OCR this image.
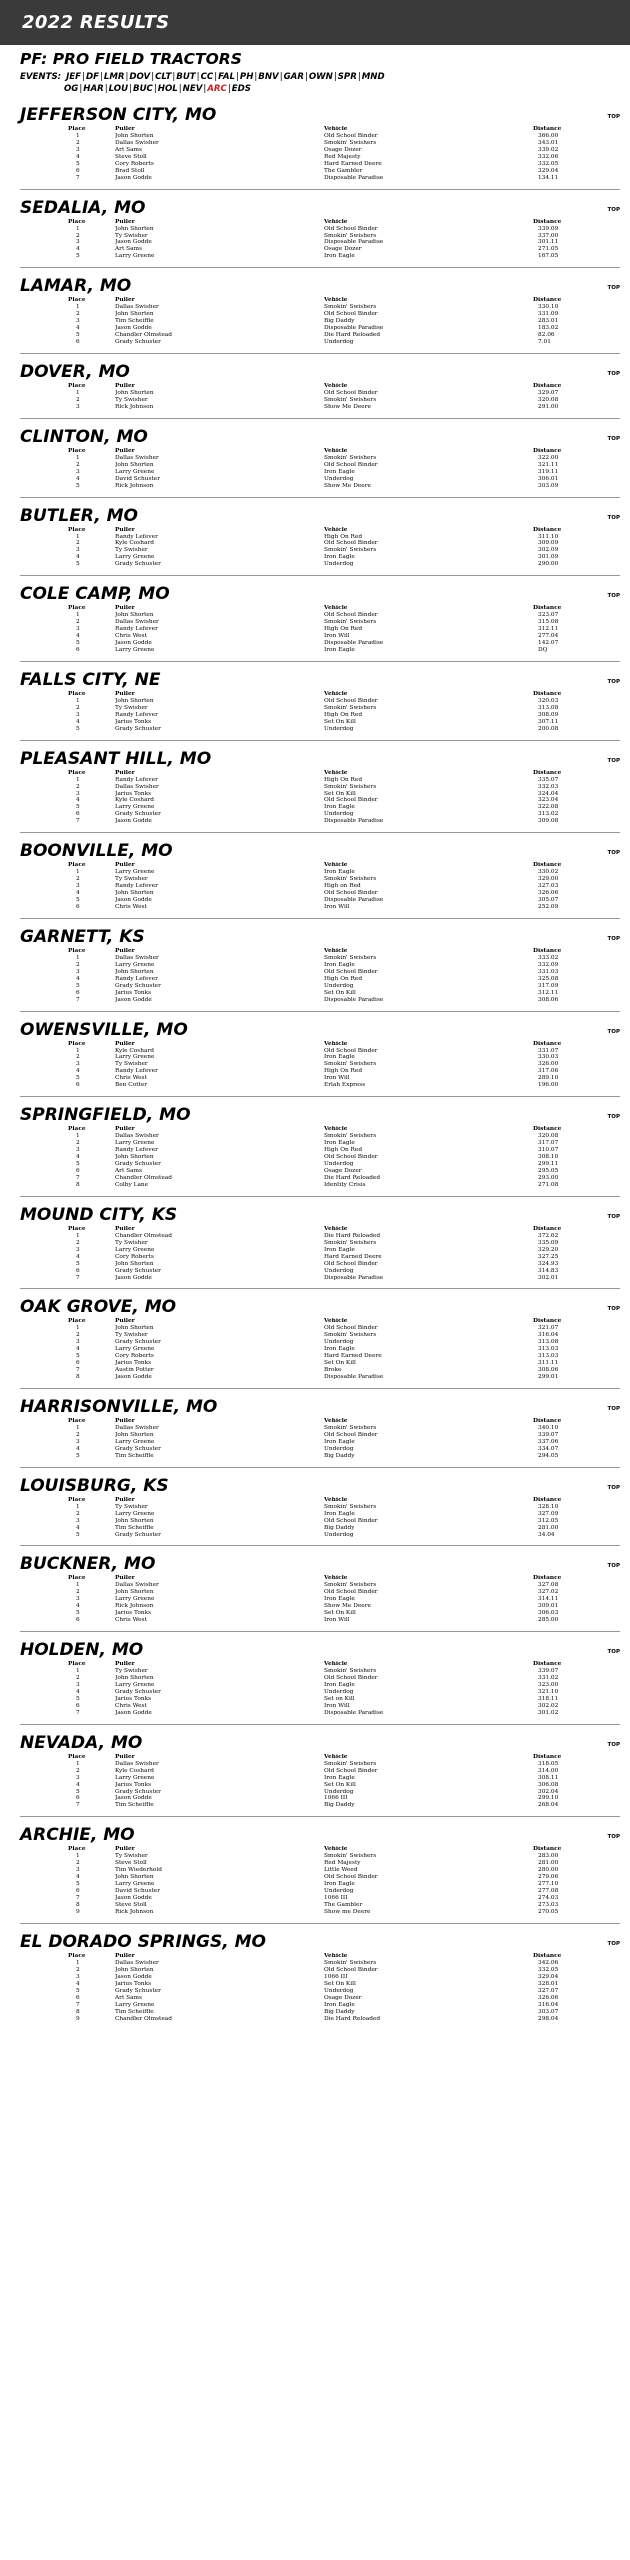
2022 RESULTS
PF: PRO FIELD TRACTORS
EVENTS: JEF | DF | LMR | DOV | CLT | BUT | CC | FAL | PH | BNV | GAR | OWN | SPR | MND
OG | HAR | LOU | BUC | HOL | NEV | ARC | EDS
JEFFERSON CITY, MO	TOP
Place	Puller	Vehicle	Distance
1	John Shorten	Old School Binder	366.00
2	Dallas Swisher	Smokin' Swishers	343.01
3	Art Sams	Osage Dozer	339.02
4	Steve Stoll	Red Majesty	332.06
5	Cory Roberts	Hard Earned Deere	332.05
6	Brad Stoll	The Gambler	329.04
7	Jason Godde	Disposable Paradise	134.11
SEDALIA, MO	TOP
Place	Puller	Vehicle	Distance
1	John Shorten	Old School Binder	339.09
2	Ty Swisher	Smokin' Swishers	337.00
3	Jason Godde	Disposable Paradise	301.11
4	Art Sams	Osage Dozer	271.05
5	Larry Greene	Iron Eagle	167.05
LAMAR, MO	TOP
Place	Puller	Vehicle	Distance
1	Dallas Swisher	Smokin' Swishers	330.10
2	John Shorten	Old School Binder	331.09
3	Tim Scheiffle	Big Daddy	283.01
4	Jason Godde	Disposable Paradise	183.02
5	Chandler Olmstead	Die Hard Reloaded	82.06
6	Grady Schuster	Underdog	7.01
DOVER, MO	TOP
Place	Puller	Vehicle	Distance
1	John Shorten	Old School Binder	329.07
2	Ty Swisher	Smokin' Swishers	320.08
3	Rick Johnson	Show Me Deere	291.00
CLINTON, MO	TOP
Place	Puller	Vehicle	Distance
1	Dallas Swisher	Smokin' Swishers	322.00
2	John Shorten	Old School Binder	321.11
3	Larry Greene	Iron Eagle	319.11
4	David Schuster	Underdog	306.01
5	Rick Johnson	Show Me Deere	303.09
BUTLER, MO	TOP
Place	Puller	Vehicle	Distance
1	Randy Lefever	High On Red	311.10
2	Kyle Coshard	Old School Binder	309.09
3	Ty Swisher	Smokin' Swishers	302.09
4	Larry Greene	Iron Eagle	301.09
5	Grady Schuster	Underdog	290.00
COLE CAMP, MO	TOP
Place	Puller	Vehicle	Distance
1	John Shorten	Old School Binder	323.07
2	Dallas Swisher	Smokin' Swishers	315.08
3	Randy Lefever	High On Red	312.11
4	Chris West	Iron Will	277.04
5	Jason Godde	Disposable Paradise	142.07
6	Larry Greene	Iron Eagle	DQ
FALLS CITY, NE	TOP
Place	Puller	Vehicle	Distance
1	John Shorten	Old School Binder	320.03
2	Ty Swisher	Smokin' Swishers	313.08
3	Randy Lefever	High On Red	308.09
4	Jarius Tonks	Set On Kill	307.11
5	Grady Schuster	Underdog	200.08
PLEASANT HILL, MO	TOP
Place	Puller	Vehicle	Distance
1	Randy Lefever	High On Red	335.07
2	Dallas Swisher	Smokin' Swishers	332.03
3	Jarius Tonks	Set On Kill	324.04
4	Kyle Coshard	Old School Binder	323.04
5	Larry Greene	Iron Eagle	322.08
6	Grady Schuster	Underdog	313.02
7	Jason Godde	Disposable Paradise	309.08
BOONVILLE, MO	TOP
Place	Puller	Vehicle	Distance
1	Larry Greene	Iron Eagle	330.02
2	Ty Swisher	Smokin' Swishers	329.00
3	Randy Lefever	High on Red	327.03
4	John Shorten	Old School Binder	326.06
5	Jason Godde	Disposable Paradise	305.07
6	Chris West	Iron Will	252.09
GARNETT, KS	TOP
Place	Puller	Vehicle	Distance
1	Dallas Swisher	Smokin' Swishers	333.02
2	Larry Greene	Iron Eagle	332.09
3	John Shorten	Old School Binder	331.03
4	Randy Lefever	High On Red	325.08
5	Grady Schuster	Underdog	317.09
6	Jarius Tonks	Set On Kill	312.11
7	Jason Godde	Disposable Paradise	308.06
OWENSVILLE, MO	TOP
Place	Puller	Vehicle	Distance
1	Kyle Coshard	Old School Binder	331.07
2	Larry Greene	Iron Eagle	330.03
3	Ty Swisher	Smokin' Swishers	326.00
4	Randy Lefever	High On Red	317.06
5	Chris West	Iron Will	289.10
6	Ben Cotter	Erlah Express	196.00
SPRINGFIELD, MO	TOP
Place	Puller	Vehicle	Distance
1	Dallas Swisher	Smokin' Swishers	320.08
2	Larry Greene	Iron Eagle	317.07
3	Randy Lefever	High On Red	310.07
4	John Shorten	Old School Binder	308.10
5	Grady Schuster	Underdog	299.11
6	Art Sams	Osage Dozer	295.05
7	Chandler Olmstead	Die Hard Reloaded	293.00
8	Colby Lane	Identity Crisis	271.08
MOUND CITY, KS	TOP
Place	Puller	Vehicle	Distance
1	Chandler Olmstead	Die Hard Reloaded	372.62
2	Ty Swisher	Smokin' Swishers	335.09
3	Larry Greene	Iron Eagle	329.20
4	Cory Roberts	Hard Earned Deere	327.25
5	John Shorten	Old School Binder	324.93
6	Grady Schuster	Underdog	314.83
7	Jason Godde	Disposable Paradise	302.01
OAK GROVE, MO	TOP
Place	Puller	Vehicle	Distance
1	John Shorten	Old School Binder	321.07
2	Ty Swisher	Smokin' Swishers	316.04
3	Grady Schuster	Underdog	313.08
4	Larry Greene	Iron Eagle	313.03
5	Cory Roberts	Hard Earned Deere	313.03
6	Jarius Tonks	Set On Kill	311.11
7	Austin Potter	Broke	308.06
8	Jason Godde	Disposable Paradise	299.01
HARRISONVILLE, MO	TOP
Place	Puller	Vehicle	Distance
1	Dallas Swisher	Smokin' Swishers	340.10
2	John Shorten	Old School Binder	339.07
3	Larry Greene	Iron Eagle	337.06
4	Grady Schuster	Underdog	334.07
5	Tim Scheiffle	Big Daddy	294.05
LOUISBURG, KS	TOP
Place	Puller	Vehicle	Distance
1	Ty Swisher	Smokin' Swishers	328.10
2	Larry Greene	Iron Eagle	327.09
3	John Shorten	Old School Binder	312.05
4	Tim Scheiffle	Big Daddy	281.00
5	Grady Schuster	Underdog	34.04
BUCKNER, MO	TOP
Place	Puller	Vehicle	Distance
1	Dallas Swisher	Smokin' Swishers	327.08
2	John Shorten	Old School Binder	327.02
3	Larry Greene	Iron Eagle	314.11
4	Rick Johnson	Show Me Deere	309.01
5	Jarius Tonks	Set On Kill	306.03
6	Chris West	Iron Will	285.00
HOLDEN, MO	TOP
Place	Puller	Vehicle	Distance
1	Ty Swisher	Smokin' Swishers	339.07
2	John Shorten	Old School Binder	331.02
3	Larry Greene	Iron Eagle	323.00
4	Grady Schuster	Underdog	321.10
5	Jarius Tonks	Set on Kill	318.11
6	Chris West	Iron Will	302.02
7	Jason Godde	Disposable Paradise	301.02
NEVADA, MO	TOP
Place	Puller	Vehicle	Distance
1	Dallas Swisher	Smokin' Swishers	318.05
2	Kyle Coshard	Old School Binder	314.00
3	Larry Greene	Iron Eagle	308.11
4	Jarius Tonks	Set On Kill	306.08
5	Grady Schuster	Underdog	302.04
6	Jason Godde	1066 III	299.10
7	Tim Scheiffle	Big Daddy	268.04
ARCHIE, MO	TOP
Place	Puller	Vehicle	Distance
1	Ty Swisher	Smokin' Swishers	283.00
2	Steve Stoll	Red Majesty	281.00
3	Tim Wiederhold	Little Weed	280.00
4	John Shorten	Old School Binder	279.06
5	Larry Greene	Iron Eagle	277.10
6	David Schuster	Underdog	277.08
7	Jason Godde	1066 III	274.03
8	Steve Stoll	The Gambler	273.03
9	Rick Johnson	Show me Deere	270.05
EL DORADO SPRINGS, MO	TOP
Place	Puller	Vehicle	Distance
1	Dallas Swisher	Smokin' Swishers	342.06
2	John Shorten	Old School Binder	332.05
3	Jason Godde	1066 III	329.04
4	Jarius Tonks	Set On Kill	328.01
5	Grady Schuster	Underdog	327.07
6	Art Sams	Osage Dozer	326.06
7	Larry Greene	Iron Eagle	316.04
8	Tim Scheiffle	Big Daddy	303.07
9	Chandler Olmstead	Die Hard Reloaded	298.04
